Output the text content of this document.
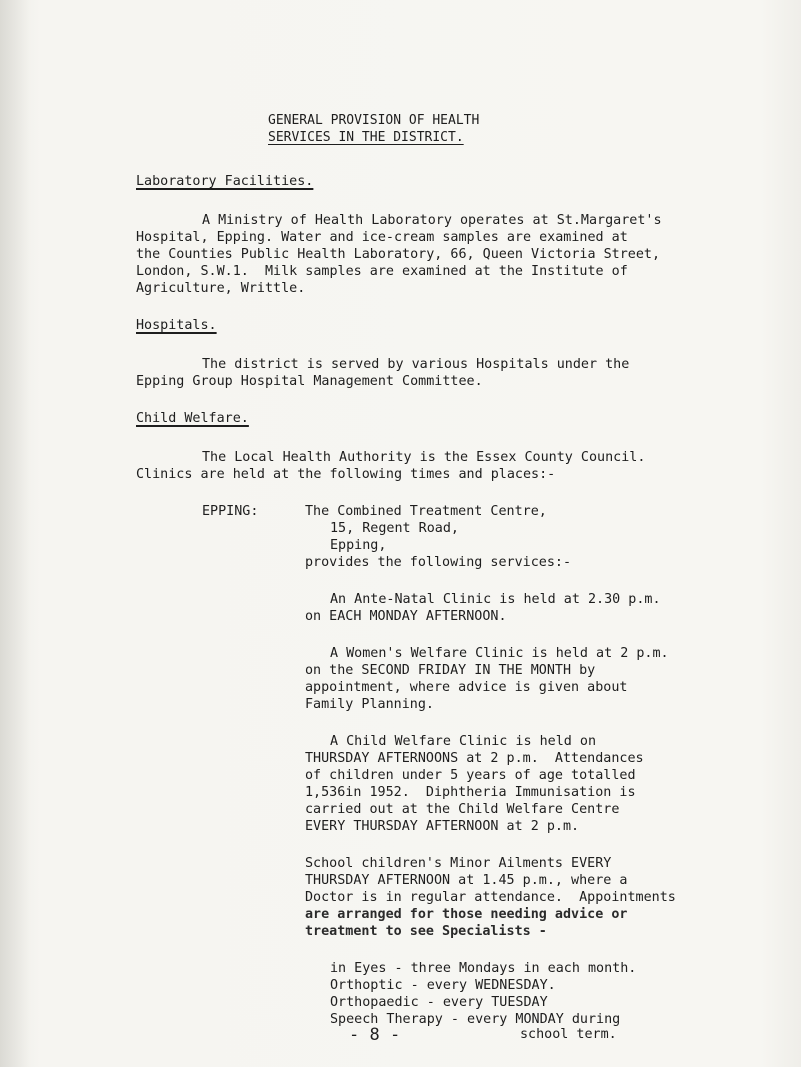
GENERAL PROVISION OF HEALTH
SERVICES IN THE DISTRICT.
Laboratory Facilities.
A Ministry of Health Laboratory operates at St.Margaret's
Hospital, Epping. Water and ice-cream samples are examined at
the Counties Public Health Laboratory, 66, Queen Victoria Street,
London, S.W.1.  Milk samples are examined at the Institute of
Agriculture, Writtle.
Hospitals.
The district is served by various Hospitals under the
Epping Group Hospital Management Committee.
Child Welfare.
The Local Health Authority is the Essex County Council.
Clinics are held at the following times and places:-
EPPING:	The Combined Treatment Centre,
15, Regent Road,
Epping,
provides the following services:-
An Ante-Natal Clinic is held at 2.30 p.m.
on EACH MONDAY AFTERNOON.
A Women's Welfare Clinic is held at 2 p.m.
on the SECOND FRIDAY IN THE MONTH by
appointment, where advice is given about
Family Planning.
A Child Welfare Clinic is held on
THURSDAY AFTERNOONS at 2 p.m.  Attendances
of children under 5 years of age totalled
1,536in 1952.  Diphtheria Immunisation is
carried out at the Child Welfare Centre
EVERY THURSDAY AFTERNOON at 2 p.m.
School children's Minor Ailments EVERY
THURSDAY AFTERNOON at 1.45 p.m., where a
Doctor is in regular attendance.  Appointments
are arranged for those needing advice or
treatment to see Specialists -
in Eyes - three Mondays in each month.
Orthoptic - every WEDNESDAY.
Orthopaedic - every TUESDAY
Speech Therapy - every MONDAY during
school term.
- 8 -
